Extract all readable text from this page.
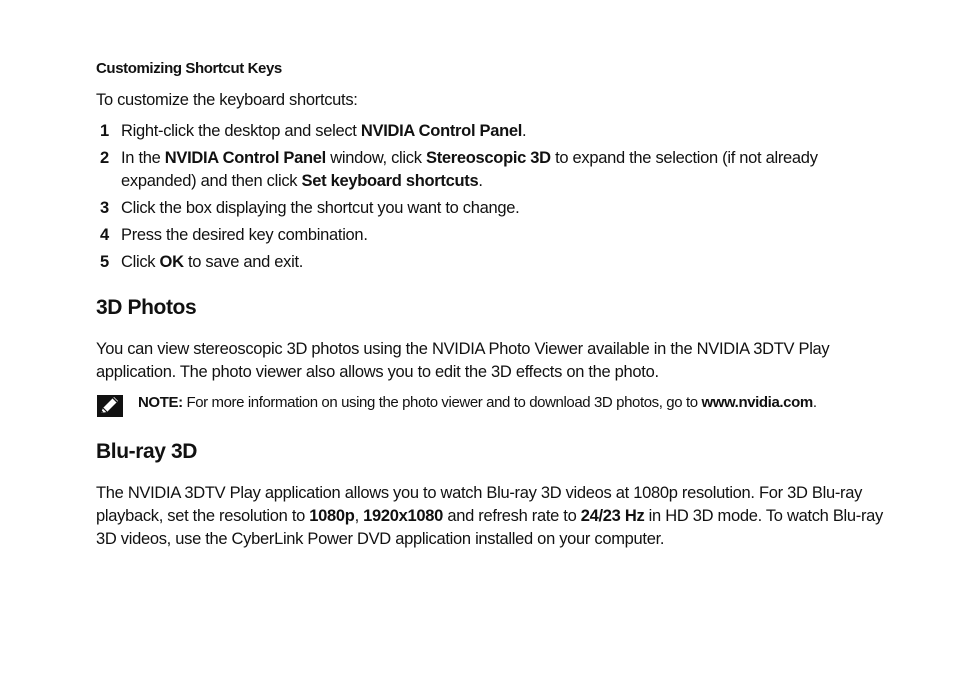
Customizing Shortcut Keys

To customize the keyboard shortcuts:

1 Right-click the desktop and select NVIDIA Control Panel.
2 In the NVIDIA Control Panel window, click Stereoscopic 3D to expand the selection (if not already expanded) and then click Set keyboard shortcuts.
3 Click the box displaying the shortcut you want to change.
4 Press the desired key combination.
5 Click OK to save and exit.
3D Photos

You can view stereoscopic 3D photos using the NVIDIA Photo Viewer available in the NVIDIA 3DTV Play application. The photo viewer also allows you to edit the 3D effects on the photo.

NOTE: For more information on using the photo viewer and to download 3D photos, go to www.nvidia.com.
Blu-ray 3D

The NVIDIA 3DTV Play application allows you to watch Blu-ray 3D videos at 1080p resolution. For 3D Blu-ray playback, set the resolution to 1080p, 1920x1080 and refresh rate to 24/23 Hz in HD 3D mode. To watch Blu-ray 3D videos, use the CyberLink Power DVD application installed on your computer.
